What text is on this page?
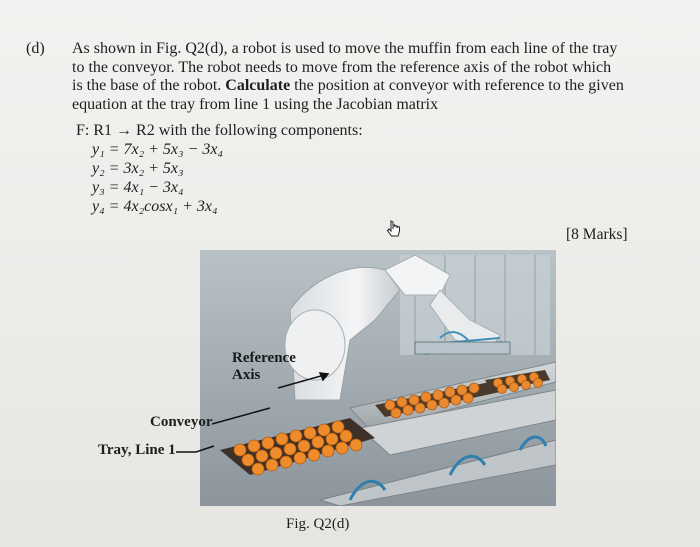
(d) As shown in Fig. Q2(d), a robot is used to move the muffin from each line of the tray
to the conveyor. The robot needs to move from the reference axis of the robot which
is the base of the robot. Calculate the position at conveyor with reference to the given
equation at the tray from line 1 using the Jacobian matrix
F: R1 → R2 with the following components:
y₁ = 7x₂ + 5x₃ − 3x₄
y₂ = 3x₂ + 5x₃
y₃ = 4x₁ − 3x₄
y₄ = 4x₂cosx₁ + 3x₄
[8 Marks]
Reference
Axis
Conveyor
Tray, Line 1
Fig. Q2(d)
